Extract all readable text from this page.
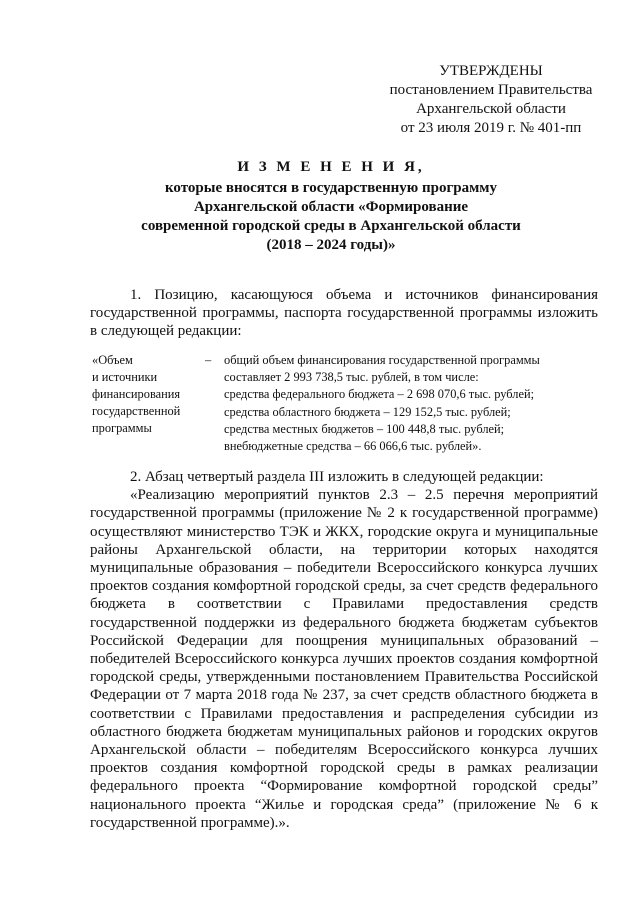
УТВЕРЖДЕНЫ
постановлением Правительства
Архангельской области
от 23 июля 2019 г. № 401-пп
И З М Е Н Е Н И Я,
которые вносятся в государственную программу
Архангельской области «Формирование
современной городской среды в Архангельской области
(2018 – 2024 годы)»
1. Позицию, касающуюся объема и источников финансирования государственной программы, паспорта государственной программы изложить в следующей редакции:
«Объем
и источники
финансирования
государственной
программы
– общий объем финансирования государственной программы
составляет 2 993 738,5 тыс. рублей, в том числе:
средства федерального бюджета – 2 698 070,6 тыс. рублей;
средства областного бюджета – 129 152,5 тыс. рублей;
средства местных бюджетов – 100 448,8 тыс. рублей;
внебюджетные средства – 66 066,6 тыс. рублей».
2. Абзац четвертый раздела III изложить в следующей редакции:
«Реализацию мероприятий пунктов 2.3 – 2.5 перечня мероприятий государственной программы (приложение № 2 к государственной программе) осуществляют министерство ТЭК и ЖКХ, городские округа и муниципальные районы Архангельской области, на территории которых находятся муниципальные образования – победители Всероссийского конкурса лучших проектов создания комфортной городской среды, за счет средств федерального бюджета в соответствии с Правилами предоставления средств государственной поддержки из федерального бюджета бюджетам субъектов Российской Федерации для поощрения муниципальных образований – победителей Всероссийского конкурса лучших проектов создания комфортной городской среды, утвержденными постановлением Правительства Российской Федерации от 7 марта 2018 года № 237, за счет средств областного бюджета в соответствии с Правилами предоставления и распределения субсидии из областного бюджета бюджетам муниципальных районов и городских округов Архангельской области – победителям Всероссийского конкурса лучших проектов создания комфортной городской среды в рамках реализации федерального проекта “Формирование комфортной городской среды” национального проекта “Жилье и городская среда” (приложение № 6 к государственной программе).».
